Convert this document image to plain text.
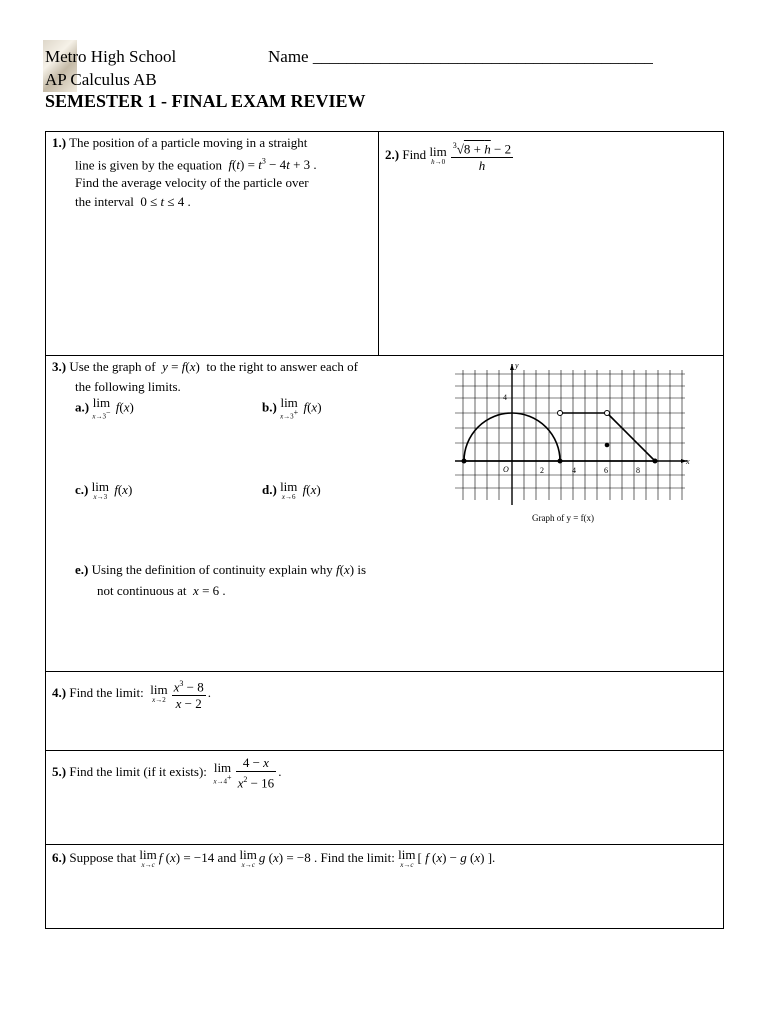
Metro High School
AP Calculus AB
Name ________________________________________
SEMESTER 1 - FINAL EXAM REVIEW
1.) The position of a particle moving in a straight
line is given by the equation $f(t) = t^3 - 4t + 3$ .
Find the average velocity of the particle over
the interval 0 ≤ t ≤ 4 .
2.) Find lim
$h\to 0 \frac{^3√8 + h - 2}{h}$
3.) Use the graph of y = f(x)  to the right to answer each of
the following limits.
a.) lim
x→3− f(x)	b.) lim
x→3+ f(x)
c.) lim
x→3
f(x)	d.) lim
x→6
f(x)
e.) Using the definition of continuity explain why f(x) is
not continuous at x = 6 .
y
x
O
4
2	4	6	8
Graph of y = f(x)
4.) Find the limit: lim
$x\to 2 \frac{x^3 - 8}{x - 2}$ .
5.) Find the limit (if it exists): lim
$x\to 4^+ \frac{4 - x}{x^2 - 16}$ .
6.) Suppose that lim
x→c
f (x) = −14 and lim
x→c
g (x) = −8 . Find the limit: lim
x→c
[ f (x) − g (x) ].
